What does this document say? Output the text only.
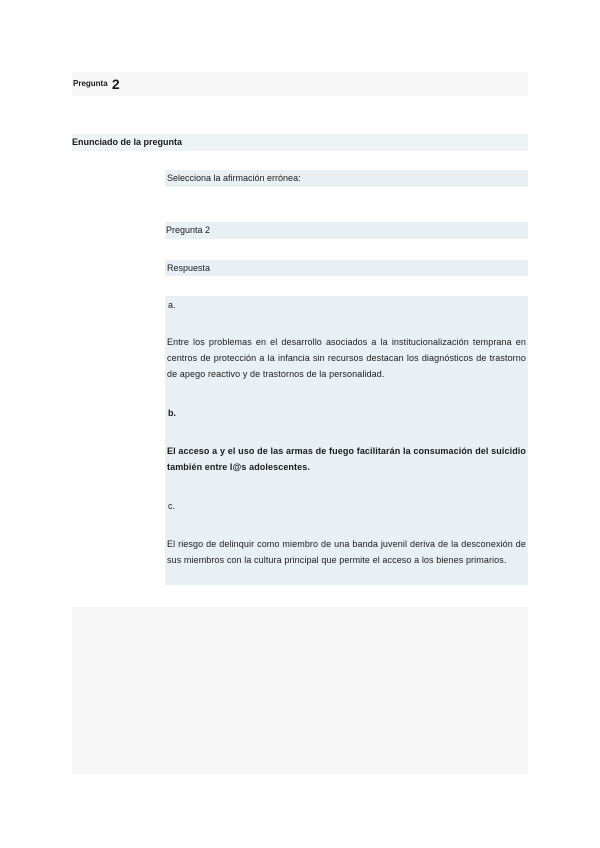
Pregunta 2
Enunciado de la pregunta
Selecciona la afirmación errónea:
Pregunta 2
Respuesta
a.
Entre los problemas en el desarrollo asociados a la institucionalización temprana en centros de protección a la infancia sin recursos destacan los diagnósticos de trastorno de apego reactivo y de trastornos de la personalidad.
b.
El acceso a y el uso de las armas de fuego facilitarán la consumación del suicidio también entre l@s adolescentes.
c.
El riesgo de delinquir como miembro de una banda juvenil deriva de la desconexión de sus miembros con la cultura principal que permite el acceso a los bienes primarios.
